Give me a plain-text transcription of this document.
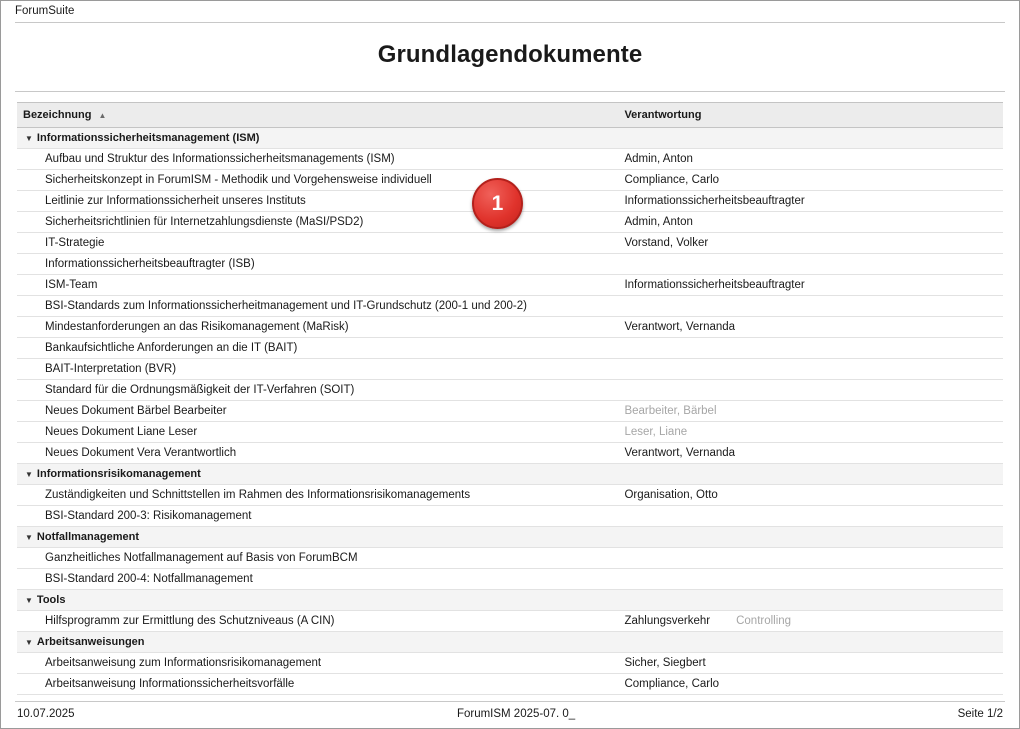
ForumSuite
Grundlagendokumente
Bezeichnung ▲	Verantwortung
▼ Informationssicherheitsmanagement (ISM)	
Aufbau und Struktur des Informationssicherheitsmanagements (ISM)	Admin, Anton
Sicherheitskonzept in ForumISM - Methodik und Vorgehensweise individuell	Compliance, Carlo
Leitlinie zur Informationssicherheit unseres Instituts	Informationssicherheitsbeauftragter
Sicherheitsrichtlinien für Internetzahlungsdienste (MaSI/PSD2)	Admin, Anton
IT-Strategie	Vorstand, Volker
Informationssicherheitsbeauftragter (ISB)	
ISM-Team	Informationssicherheitsbeauftragter
BSI-Standards zum Informationssicherheitmanagement und IT-Grundschutz (200-1 und 200-2)	
Mindestanforderungen an das Risikomanagement (MaRisk)	Verantwort, Vernanda
Bankaufsichtliche Anforderungen an die IT (BAIT)	
BAIT-Interpretation (BVR)	
Standard für die Ordnungsmäßigkeit der IT-Verfahren (SOIT)	
Neues Dokument Bärbel Bearbeiter	Bearbeiter, Bärbel
Neues Dokument Liane Leser	Leser, Liane
Neues Dokument Vera Verantwortlich	Verantwort, Vernanda
▼ Informationsrisikomanagement	
Zuständigkeiten und Schnittstellen im Rahmen des Informationsrisikomanagements	Organisation, Otto
BSI-Standard 200-3: Risikomanagement	
▼ Notfallmanagement	
Ganzheitliches Notfallmanagement auf Basis von ForumBCM	
BSI-Standard 200-4: Notfallmanagement	
▼ Tools	
Hilfsprogramm zur Ermittlung des Schutzniveaus (A CIN)	Zahlungsverkehr Controlling
▼ Arbeitsanweisungen	
Arbeitsanweisung zum Informationsrisikomanagement	Sicher, Siegbert
Arbeitsanweisung Informationssicherheitsvorfälle	Compliance, Carlo
10.07.2025	ForumISM 2025-07. 0_	Seite 1/2
1
